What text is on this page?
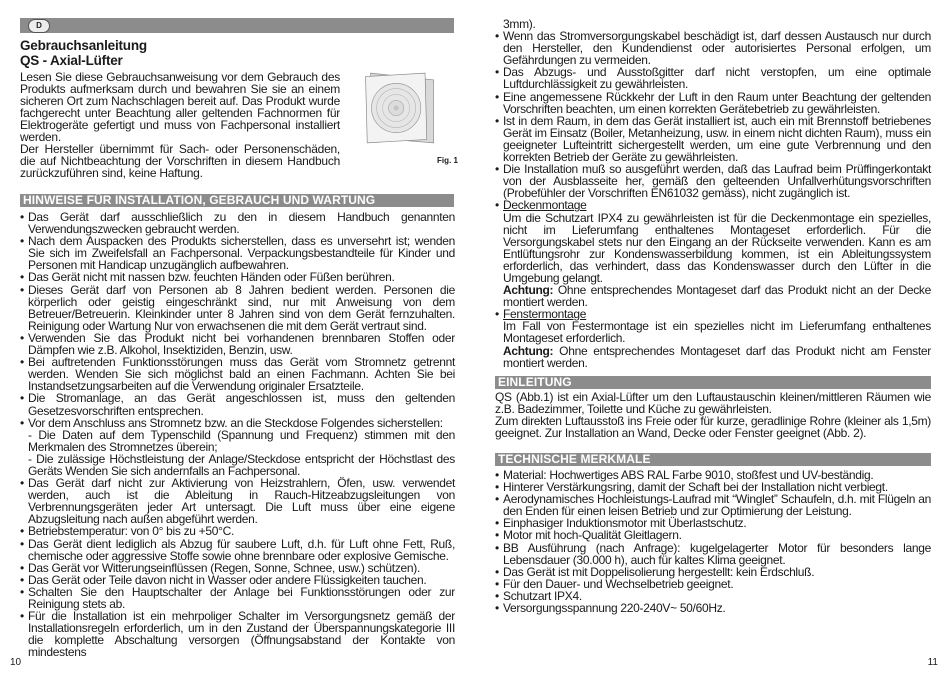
D
Gebrauchsanleitung
QS - Axial-Lüfter

Lesen Sie diese Gebrauchsanweisung vor dem Gebrauch des Produkts aufmerksam durch und bewahren Sie sie an einem sicheren Ort zum Nachschlagen bereit auf. Das Produkt wurde fachgerecht unter Beachtung aller geltenden Fachnormen für Elektrogeräte gefertigt und muss von Fachpersonal installiert werden.

Der Hersteller übernimmt für Sach- oder Personenschäden, die auf Nichtbeachtung der Vorschriften in diesem Handbuch zurückzuführen sind, keine Haftung.

Fig. 1
HINWEISE FÜR INSTALLATION, GEBRAUCH UND WARTUNG
• Das Gerät darf ausschließlich zu den in diesem Handbuch genannten Verwendungszwecken gebraucht werden.
• Nach dem Auspacken des Produkts sicherstellen, dass es unversehrt ist; wenden Sie sich im Zweifelsfall an Fachpersonal. Verpackungsbestandteile für Kinder und Personen mit Handicap unzugänglich aufbewahren.
• Das Gerät nicht mit nassen bzw. feuchten Händen oder Füßen berühren.
• Dieses Gerät darf von Personen ab 8 Jahren bedient werden. Personen die körperlich oder geistig eingeschränkt sind, nur mit Anweisung von dem Betreuer/Betreuerin. Kleinkinder unter 8 Jahren sind von dem Gerät fernzuhalten. Reinigung oder Wartung Nur von erwachsenen die mit dem Gerät vertraut sind.
• Verwenden Sie das Produkt nicht bei vorhandenen brennbaren Stoffen oder Dämpfen wie z.B. Alkohol, Insektiziden, Benzin, usw.
• Bei auftretenden Funktionsstörungen muss das Gerät vom Stromnetz getrennt werden. Wenden Sie sich möglichst bald an einen Fachmann. Achten Sie bei Instandsetzungsarbeiten auf die Verwendung originaler Ersatzteile.
• Die Stromanlage, an das Gerät angeschlossen ist, muss den geltenden Gesetzesvorschriften entsprechen.
• Vor dem Anschluss ans Stromnetz bzw. an die Steckdose Folgendes sicherstellen:
- Die Daten auf dem Typenschild (Spannung und Frequenz) stimmen mit den Merkmalen des Stromnetzes überein;
- Die zulässige Höchstleistung der Anlage/Steckdose entspricht der Höchstlast des Geräts Wenden Sie sich andernfalls an Fachpersonal.
• Das Gerät darf nicht zur Aktivierung von Heizstrahlern, Öfen, usw. verwendet werden, auch ist die Ableitung in Rauch-Hitzeabzugsleitungen von Verbrennungsgeräten jeder Art untersagt. Die Luft muss über eine eigene Abzugsleitung nach außen abgeführt werden.
• Betriebstemperatur: von 0° bis zu +50°C.
• Das Gerät dient lediglich als Abzug für saubere Luft, d.h. für Luft ohne Fett, Ruß, chemische oder aggressive Stoffe sowie ohne brennbare oder explosive Gemische.
• Das Gerät vor Witterungseinflüssen (Regen, Sonne, Schnee, usw.) schützen).
• Das Gerät oder Teile davon nicht in Wasser oder andere Flüssigkeiten tauchen.
• Schalten Sie den Hauptschalter der Anlage bei Funktionsstörungen oder zur Reinigung stets ab.
• Für die Installation ist ein mehrpoliger Schalter im Versorgungsnetz gemäß der Installationsregeln erforderlich, um in den Zustand der Überspannungskategorie III die komplette Abschaltung versorgen (Öffnungsabstand der Kontakte von mindestens
10
3mm).
• Wenn das Stromversorgungskabel beschädigt ist, darf dessen Austausch nur durch den Hersteller, den Kundendienst oder autorisiertes Personal erfolgen, um Gefährdungen zu vermeiden.
• Das Abzugs- und Ausstoßgitter darf nicht verstopfen, um eine optimale Luftdurchlässigkeit zu gewährleisten.
• Eine angemessene Rückkehr der Luft in den Raum unter Beachtung der geltenden Vorschriften beachten, um einen korrekten Gerätebetrieb zu gewährleisten.
• Ist in dem Raum, in dem das Gerät installiert ist, auch ein mit Brennstoff betriebenes Gerät im Einsatz (Boiler, Metanheizung, usw. in einem nicht dichten Raum), muss ein geeigneter Lufteintritt sichergestellt werden, um eine gute Verbrennung und den korrekten Betrieb der Geräte zu gewährleisten.
• Die Installation muß so ausgeführt werden, daß das Laufrad beim Prüffingerkontakt von der Ausblasseite her, gemäß den gelteenden Unfallverhütungsvorschriften (Probefühler der Vorschriften EN61032 gemäss), nicht zugänglich ist.
• Deckenmontage
Um die Schutzart IPX4 zu gewährleisten ist für die Deckenmontage ein spezielles, nicht im Lieferumfang enthaltenes Montageset erforderlich. Für die Versorgungskabel stets nur den Eingang an der Rückseite verwenden. Kann es am Entlüftungsrohr zur Kondenswasserbildung kommen, ist ein Ableitungssystem erforderlich, das verhindert, dass das Kondenswasser durch den Lüfter in die Umgebung gelangt.
Achtung: Ohne entsprechendes Montageset darf das Produkt nicht an der Decke montiert werden.
• Fenstermontage
Im Fall von Festermontage ist ein spezielles nicht im Lieferumfang enthaltenes Montageset erforderlich.
Achtung: Ohne entsprechendes Montageset darf das Produkt nicht am Fenster montiert werden.
EINLEITUNG

QS (Abb.1) ist ein Axial-Lüfter um den Luftaustauschin kleinen/mittleren Räumen wie z.B. Badezimmer, Toilette und Küche zu gewährleisten.

Zum direkten Luftausstoß ins Freie oder für kurze, geradlinige Rohre (kleiner als 1,5m) geeignet. Zur Installation an Wand, Decke oder Fenster geeignet (Abb. 2).

TECHNISCHE MERKMALE
• Material: Hochwertiges ABS RAL Farbe 9010, stoßfest und UV-beständig.
• Hinterer Verstärkungsring, damit der Schaft bei der Installation nicht verbiegt.
• Aerodynamisches Hochleistungs-Laufrad mit “Winglet” Schaufeln, d.h. mit Flügeln an den Enden für einen leisen Betrieb und zur Optimierung der Leistung.
• Einphasiger Induktionsmotor mit Überlastschutz.
• Motor mit hoch-Qualität Gleitlagern.
• BB Ausführung (nach Anfrage): kugelgelagerter Motor für besonders lange Lebensdauer (30.000 h), auch für kaltes Klima geeignet.
• Das Gerät ist mit Doppelisolierung hergestellt: kein Erdschluß.
• Für den Dauer- und Wechselbetrieb geeignet.
• Schutzart IPX4.
• Versorgungsspannung 220-240V~ 50/60Hz.
11
